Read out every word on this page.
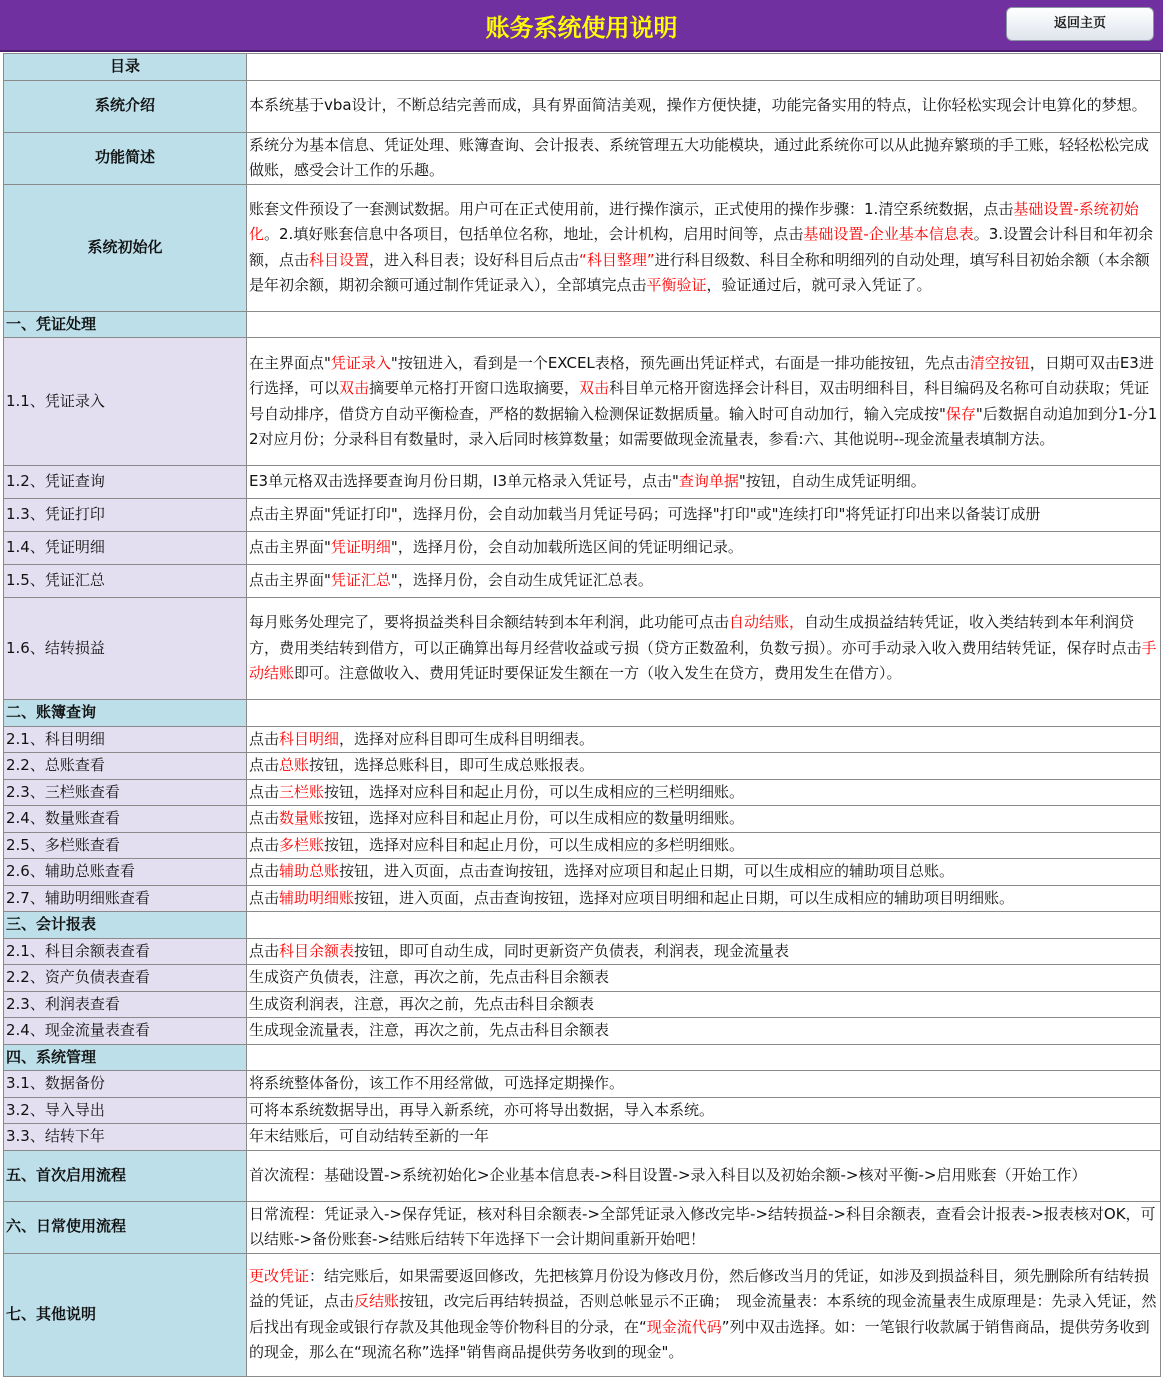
账务系统使用说明	返回主页
目录	
系统介绍	本系统基于vba设计，不断总结完善而成，具有界面简洁美观，操作方便快捷，功能完备实用的特点，让你轻松实现会计电算化的梦想。
功能简述	系统分为基本信息、凭证处理、账簿查询、会计报表、系统管理五大功能模块，通过此系统你可以从此抛弃繁琐的手工账，轻轻松松完成做账，感受会计工作的乐趣。
系统初始化	账套文件预设了一套测试数据。用户可在正式使用前，进行操作演示，正式使用的操作步骤：1.清空系统数据，点击基础设置-系统初始化。2.填好账套信息中各项目，包括单位名称，地址，会计机构，启用时间等，点击基础设置-企业基本信息表。3.设置会计科目和年初余额，点击科目设置，进入科目表；设好科目后点击“科目整理”进行科目级数、科目全称和明细列的自动处理，填写科目初始余额（本余额是年初余额，期初余额可通过制作凭证录入），全部填完点击平衡验证，验证通过后，就可录入凭证了。
一、凭证处理	
1.1、凭证录入	在主界面点"凭证录入"按钮进入，看到是一个EXCEL表格，预先画出凭证样式，右面是一排功能按钮，先点击清空按钮，日期可双击E3进行选择，可以双击摘要单元格打开窗口选取摘要，双击科目单元格开窗选择会计科目，双击明细科目，科目编码及名称可自动获取；凭证号自动排序，借贷方自动平衡检查，严格的数据输入检测保证数据质量。输入时可自动加行，输入完成按"保存"后数据自动追加到分1-分12对应月份；分录科目有数量时，录入后同时核算数量；如需要做现金流量表，参看:六、其他说明--现金流量表填制方法。
1.2、凭证查询	E3单元格双击选择要查询月份日期，I3单元格录入凭证号，点击"查询单据"按钮，自动生成凭证明细。
1.3、凭证打印	点击主界面"凭证打印"，选择月份，会自动加载当月凭证号码；可选择"打印"或"连续打印"将凭证打印出来以备装订成册
1.4、凭证明细	点击主界面"凭证明细"，选择月份，会自动加载所选区间的凭证明细记录。
1.5、凭证汇总	点击主界面"凭证汇总"，选择月份，会自动生成凭证汇总表。
1.6、结转损益	每月账务处理完了，要将损益类科目余额结转到本年利润，此功能可点击自动结账，自动生成损益结转凭证，收入类结转到本年利润贷方，费用类结转到借方，可以正确算出每月经营收益或亏损（贷方正数盈利，负数亏损）。亦可手动录入收入费用结转凭证，保存时点击手动结账即可。注意做收入、费用凭证时要保证发生额在一方（收入发生在贷方，费用发生在借方）。
二、账簿查询	
2.1、科目明细	点击科目明细，选择对应科目即可生成科目明细表。
2.2、总账查看	点击总账按钮，选择总账科目，即可生成总账报表。
2.3、三栏账查看	点击三栏账按钮，选择对应科目和起止月份，可以生成相应的三栏明细账。
2.4、数量账查看	点击数量账按钮，选择对应科目和起止月份，可以生成相应的数量明细账。
2.5、多栏账查看	点击多栏账按钮，选择对应科目和起止月份，可以生成相应的多栏明细账。
2.6、辅助总账查看	点击辅助总账按钮，进入页面，点击查询按钮，选择对应项目和起止日期，可以生成相应的辅助项目总账。
2.7、辅助明细账查看	点击辅助明细账按钮，进入页面，点击查询按钮，选择对应项目明细和起止日期，可以生成相应的辅助项目明细账。
三、会计报表	
2.1、科目余额表查看	点击科目余额表按钮，即可自动生成，同时更新资产负债表，利润表，现金流量表
2.2、资产负债表查看	生成资产负债表，注意，再次之前，先点击科目余额表
2.3、利润表查看	生成资利润表，注意，再次之前，先点击科目余额表
2.4、现金流量表查看	生成现金流量表，注意，再次之前，先点击科目余额表
四、系统管理	
3.1、数据备份	将系统整体备份，该工作不用经常做，可选择定期操作。
3.2、导入导出	可将本系统数据导出，再导入新系统，亦可将导出数据，导入本系统。
3.3、结转下年	年末结账后，可自动结转至新的一年
五、首次启用流程	首次流程：基础设置->系统初始化>企业基本信息表->科目设置->录入科目以及初始余额->核对平衡->启用账套（开始工作）
六、日常使用流程	日常流程：凭证录入->保存凭证，核对科目余额表->全部凭证录入修改完毕->结转损益->科目余额表，查看会计报表->报表核对OK，可以结账->备份账套->结账后结转下年选择下一会计期间重新开始吧！
七、其他说明	更改凭证：结完账后，如果需要返回修改，先把核算月份设为修改月份，然后修改当月的凭证，如涉及到损益科目，须先删除所有结转损益的凭证，点击反结账按钮，改完后再结转损益，否则总帐显示不正确；　现金流量表：本系统的现金流量表生成原理是：先录入凭证，然后找出有现金或银行存款及其他现金等价物科目的分录，在“现金流代码”列中双击选择。如：一笔银行收款属于销售商品，提供劳务收到的现金，那么在“现流名称”选择"销售商品提供劳务收到的现金"。
